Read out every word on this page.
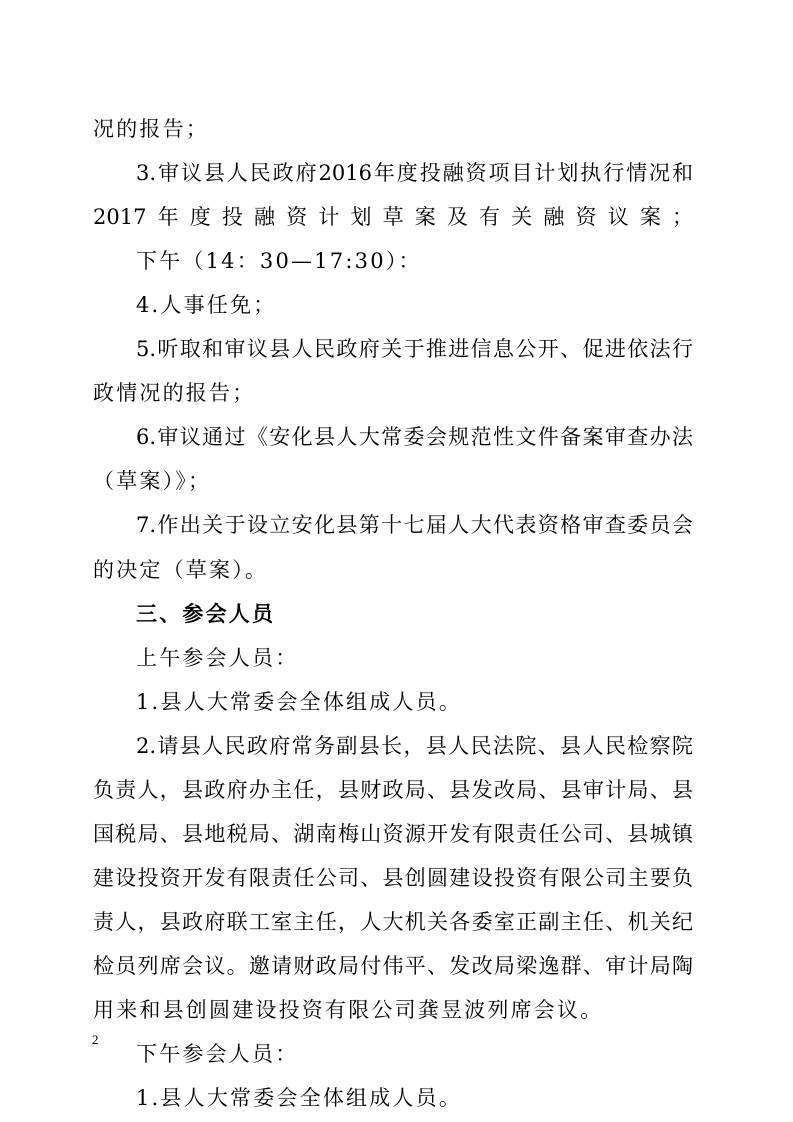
况的报告；
3.审议县人民政府2016年度投融资项目计划执行情况和
2017年度投融资计划草案及有关融资议案；
下午（14：30—17:30）：
4.人事任免；
5.听取和审议县人民政府关于推进信息公开、促进依法行
政情况的报告；
6.审议通过《安化县人大常委会规范性文件备案审查办法
（草案）》；
7.作出关于设立安化县第十七届人大代表资格审查委员会
的决定（草案）。
三、参会人员
上午参会人员：
1.县人大常委会全体组成人员。
2.请县人民政府常务副县长，县人民法院、县人民检察院
负责人，县政府办主任，县财政局、县发改局、县审计局、县
国税局、县地税局、湖南梅山资源开发有限责任公司、县城镇
建设投资开发有限责任公司、县创圆建设投资有限公司主要负
责人，县政府联工室主任，人大机关各委室正副主任、机关纪
检员列席会议。邀请财政局付伟平、发改局梁逸群、审计局陶
用来和县创圆建设投资有限公司龚昱波列席会议。
下午参会人员：
1.县人大常委会全体组成人员。
2
